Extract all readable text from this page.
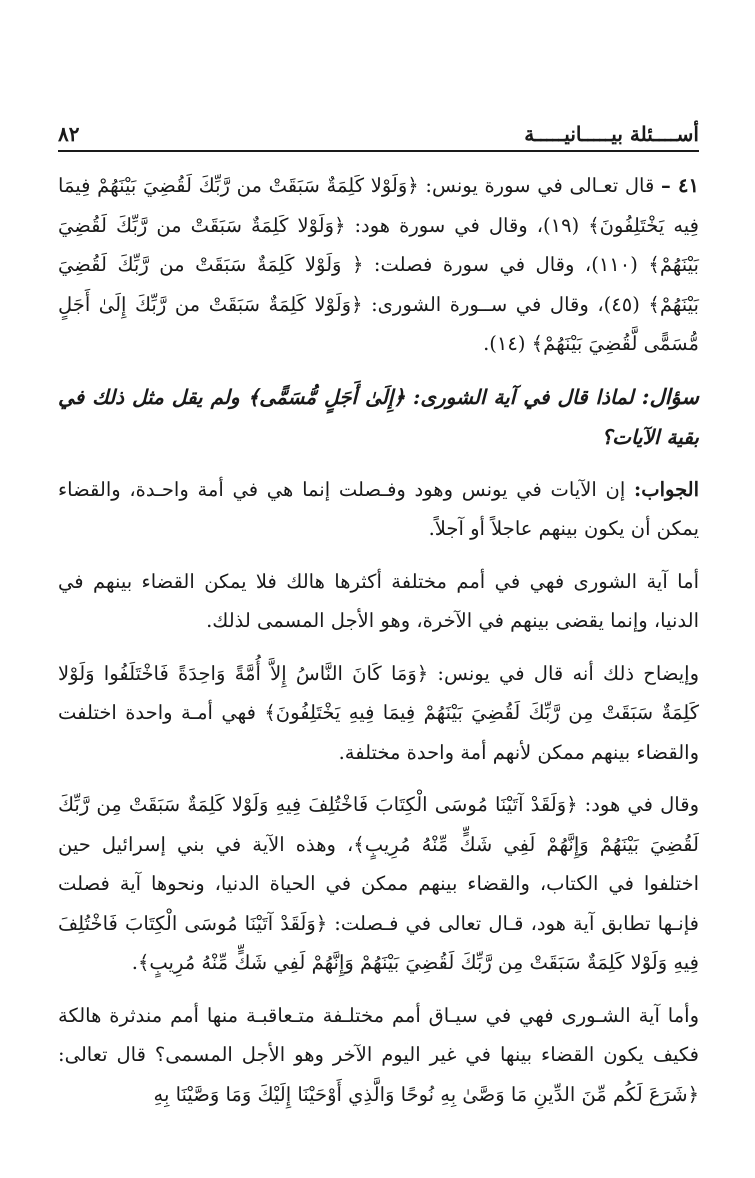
أســــئلة بيـــــانيـــــة
٨٢

٤١ – قال تعـالى في سورة يونس: ﴿وَلَوْلا كَلِمَةٌ سَبَقَتْ من رَّبِّكَ لَقُضِيَ بَيْنَهُمْ فِيمَا فِيه يَخْتَلِفُونَ﴾ (١٩)، وقال في سورة هود: ﴿وَلَوْلا كَلِمَةٌ سَبَقَتْ من رَّبِّكَ لَقُضِيَ بَيْنَهُمْ﴾ (١١٠)، وقال في سورة فصلت: ﴿ وَلَوْلا كَلِمَةٌ سَبَقَتْ من رَّبِّكَ لَقُضِيَ بَيْنَهُمْ﴾ (٤٥)، وقال في ســورة الشورى: ﴿وَلَوْلا كَلِمَةٌ سَبَقَتْ من رَّبِّكَ إِلَىٰ أَجَلٍ مُّسَمًّى لَّقُضِيَ بَيْنَهُمْ﴾ (١٤).

سؤال: لماذا قال في آية الشورى: ﴿إِلَىٰ أَجَلٍ مُّسَمًّى﴾ ولم يقل مثل ذلك في بقية الآيات؟

الجواب: إن الآيات في يونس وهود وفـصلت إنما هي في أمة واحـدة، والقضاء يمكن أن يكون بينهم عاجلاً أو آجلاً.

أما آية الشورى فهي في أمم مختلفة أكثرها هالك فلا يمكن القضاء بينهم في الدنيا، وإنما يقضى بينهم في الآخرة، وهو الأجل المسمى لذلك.

وإيضاح ذلك أنه قال في يونس: ﴿وَمَا كَانَ النَّاسُ إِلاَّ أُمَّةً وَاحِدَةً فَاخْتَلَفُوا وَلَوْلا كَلِمَةٌ سَبَقَتْ مِن رَّبِّكَ لَقُضِيَ بَيْنَهُمْ فِيمَا فِيهِ يَخْتَلِفُونَ﴾ فهي أمـة واحدة اختلفت والقضاء بينهم ممكن لأنهم أمة واحدة مختلفة.

وقال في هود: ﴿وَلَقَدْ آتَيْنَا مُوسَى الْكِتَابَ فَاخْتُلِفَ فِيهِ وَلَوْلا كَلِمَةٌ سَبَقَتْ مِن رَّبِّكَ لَقُضِيَ بَيْنَهُمْ وَإِنَّهُمْ لَفِي شَكٍّ مِّنْهُ مُرِيبٍ﴾، وهذه الآية في بني إسرائيل حين اختلفوا في الكتاب، والقضاء بينهم ممكن في الحياة الدنيا، ونحوها آية فصلت فإنـها تطابق آية هود، قـال تعالى في فـصلت: ﴿وَلَقَدْ آتَيْنَا مُوسَى الْكِتَابَ فَاخْتُلِفَ فِيهِ وَلَوْلا كَلِمَةٌ سَبَقَتْ مِن رَّبِّكَ لَقُضِيَ بَيْنَهُمْ وَإِنَّهُمْ لَفِي شَكٍّ مِّنْهُ مُرِيبٍ﴾.

وأما آية الشـورى فهي في سيـاق أمم مختلـفة متـعاقبـة منها أمم مندثرة هالكة فكيف يكون القضاء بينها في غير اليوم الآخر وهو الأجل المسمى؟ قال تعالى: ﴿شَرَعَ لَكُم مِّنَ الدِّينِ مَا وَصَّىٰ بِهِ نُوحًا وَالَّذِي أَوْحَيْنَا إِلَيْكَ وَمَا وَصَّيْنَا بِهِ
